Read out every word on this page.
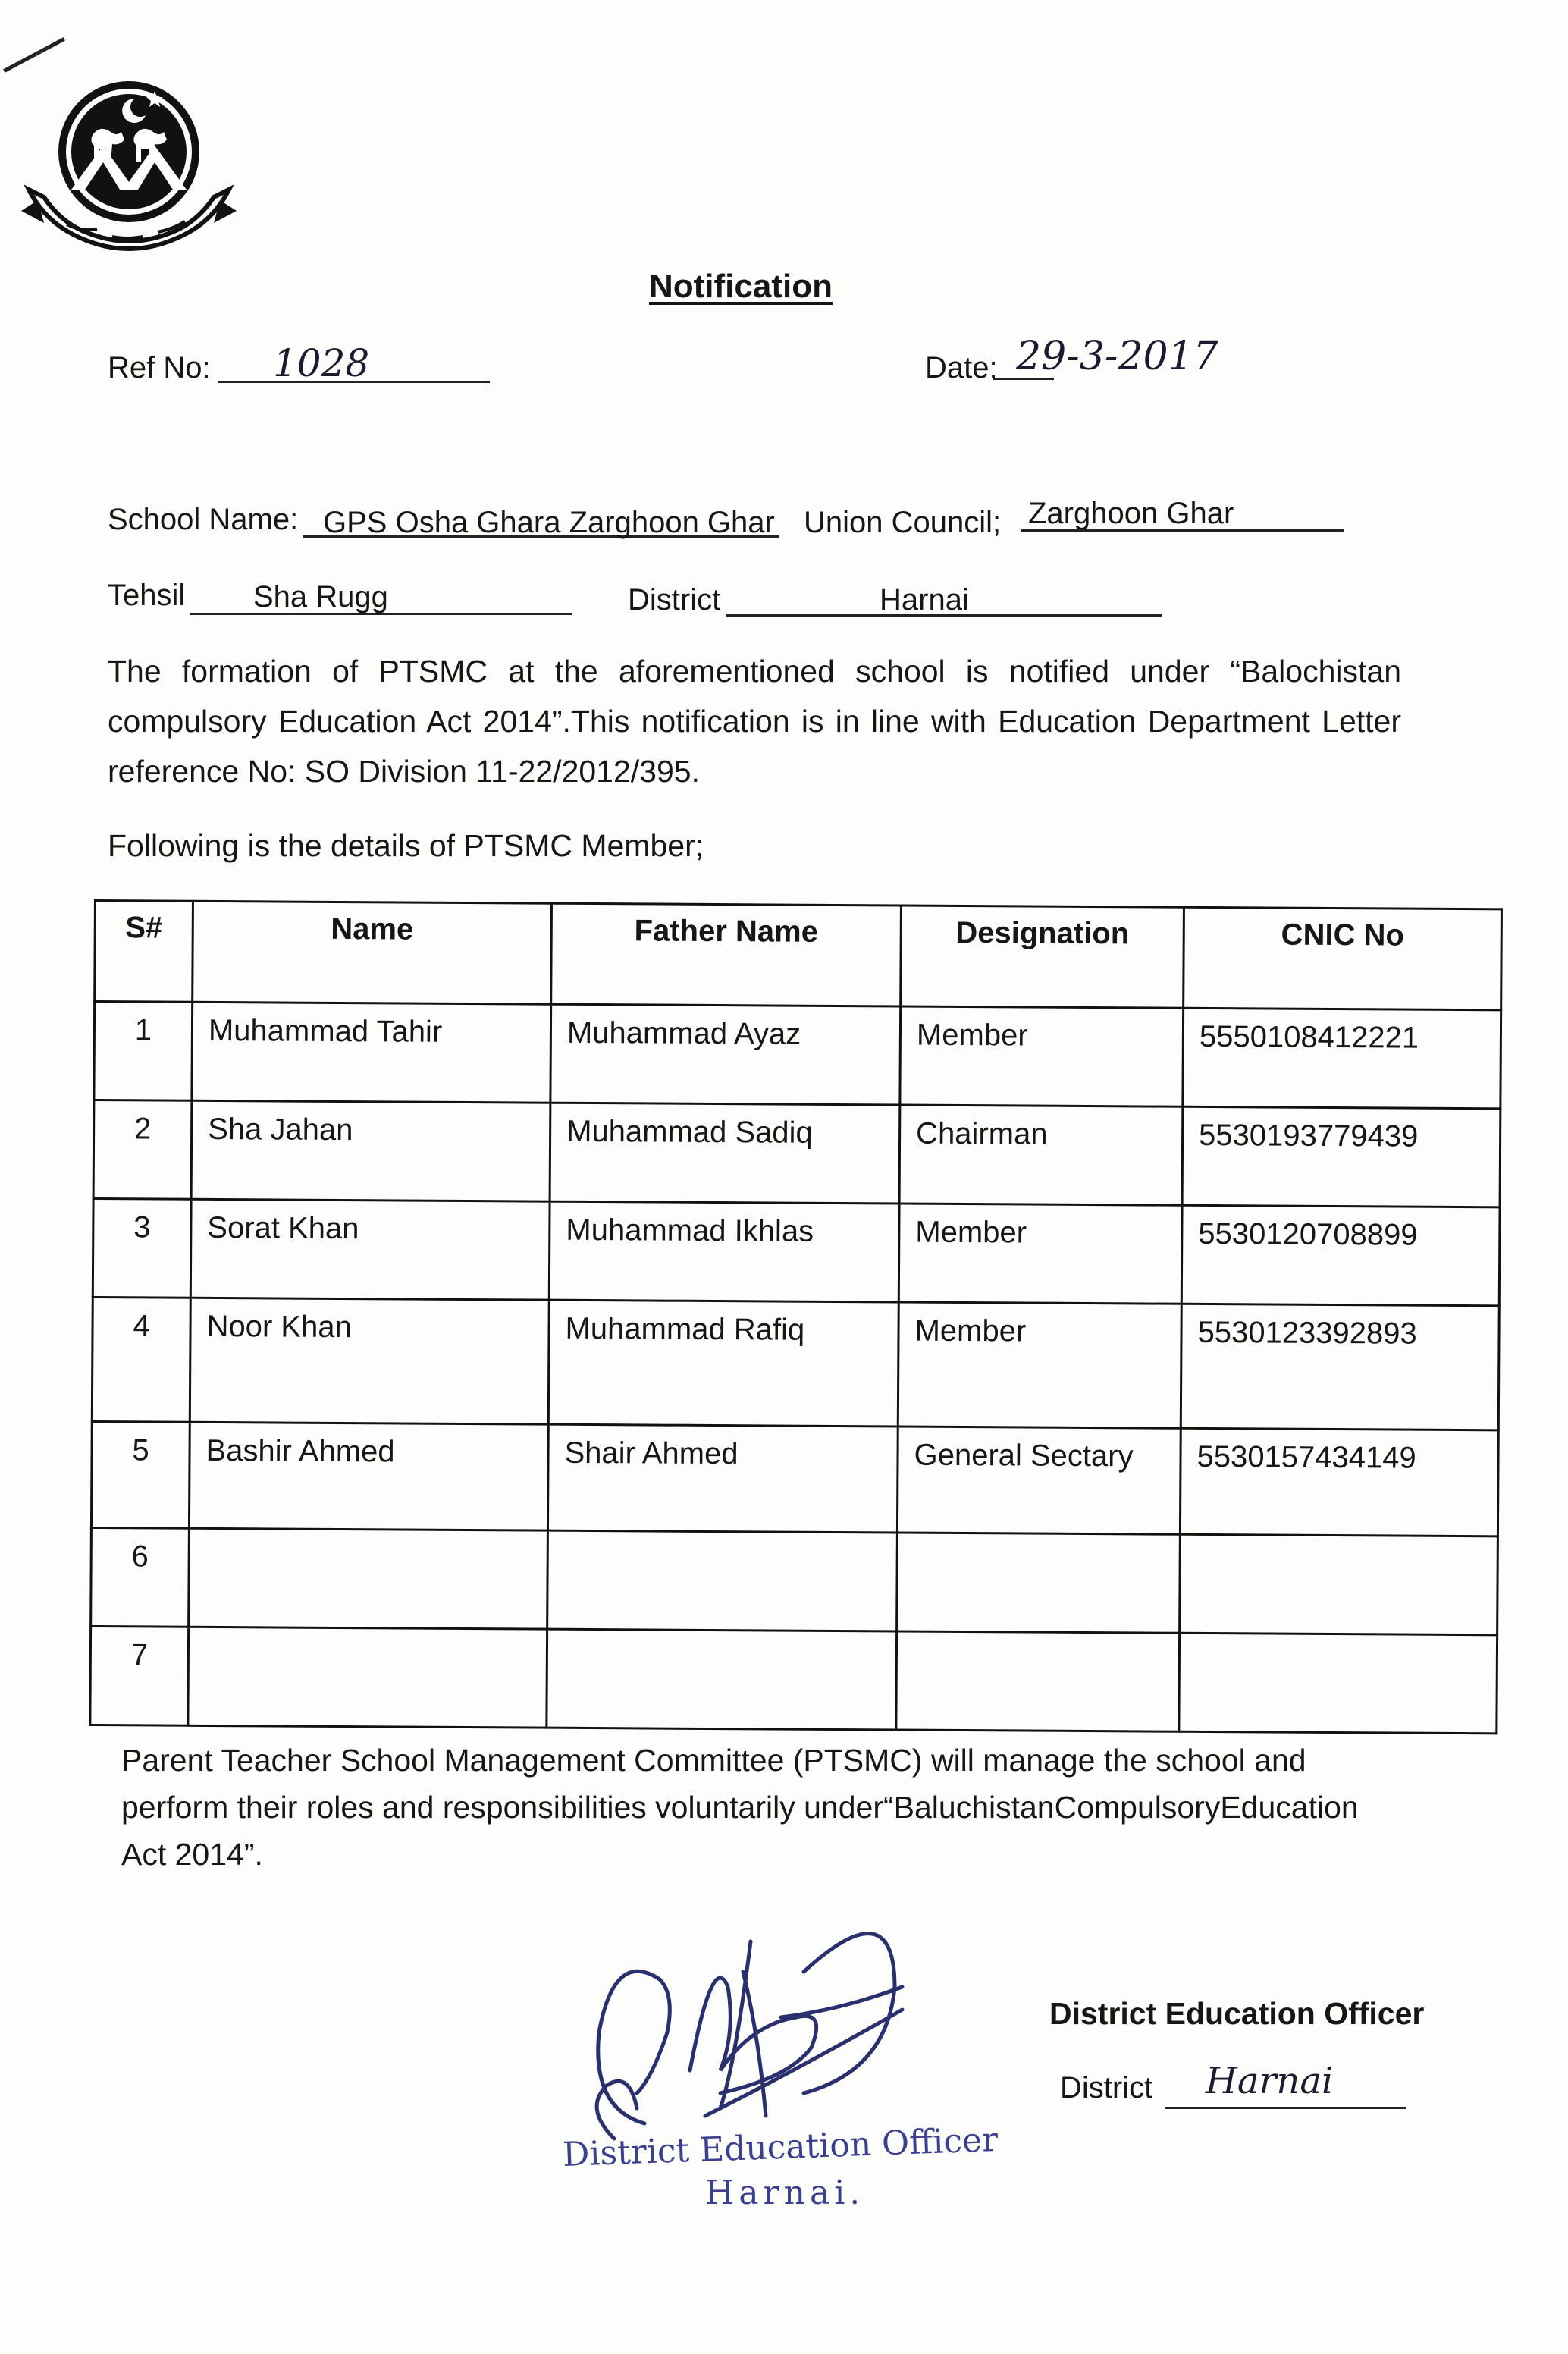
Notification
Ref No: 1028	Date: 29-3-2017
School Name: GPS Osha Ghara Zarghoon Ghar Union Council; Zarghoon Ghar
Tehsil Sha Rugg	District	Harnai
The formation of PTSMC at the aforementioned school is notified under “Balochistan compulsory Education Act 2014”.This notification is in line with Education Department Letter reference No: SO Division 11-22/2012/395.
Following is the details of PTSMC Member;
S#	Name	Father Name	Designation	CNIC No
1	Muhammad Tahir	Muhammad Ayaz	Member	5550108412221
2	Sha Jahan	Muhammad Sadiq	Chairman	5530193779439
3	Sorat Khan	Muhammad Ikhlas	Member	5530120708899
4	Noor Khan	Muhammad Rafiq	Member	5530123392893
5	Bashir Ahmed	Shair Ahmed	General Sectary	5530157434149
6				
7				
Parent Teacher School Management Committee (PTSMC) will manage the school and perform their roles and responsibilities voluntarily under“BaluchistanCompulsoryEducation Act 2014”.
District Education Officer
Harnai.
District Education Officer
District Harnai
